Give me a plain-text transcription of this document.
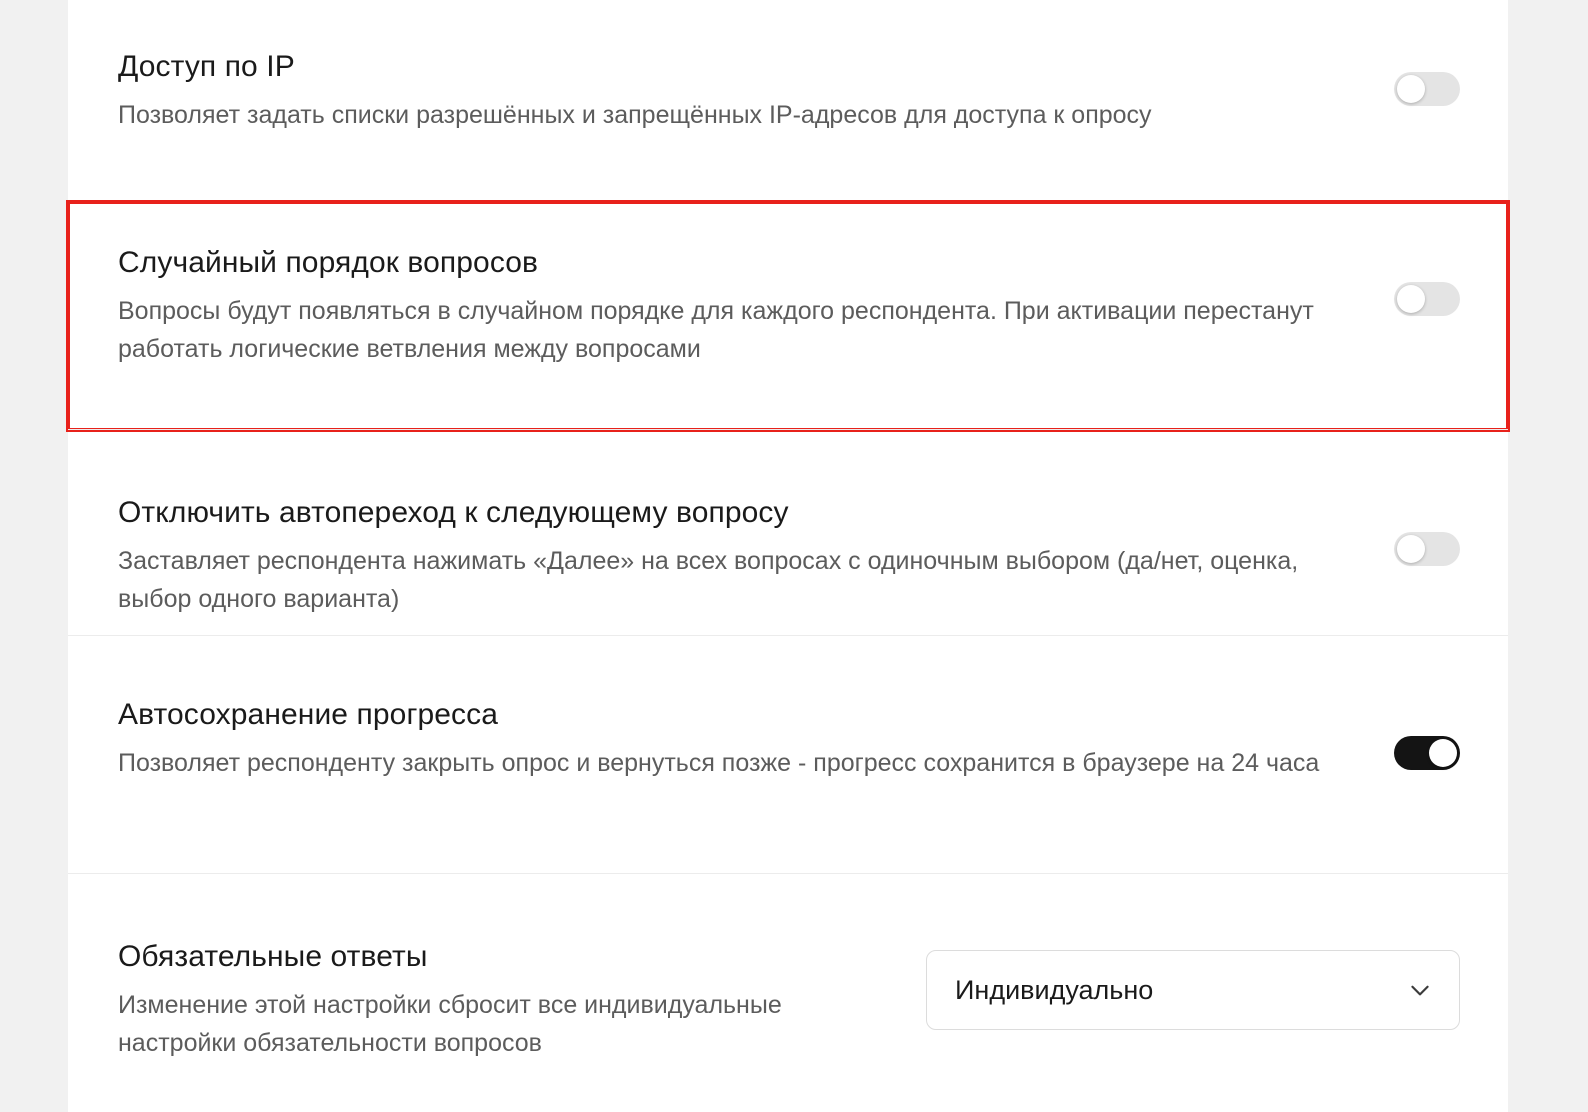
Доступ по IP
Позволяет задать списки разрешённых и запрещённых IP-адресов для доступа к опросу
Случайный порядок вопросов
Вопросы будут появляться в случайном порядке для каждого респондента. При активации перестанут работать логические ветвления между вопросами
Отключить автопереход к следующему вопросу
Заставляет респондента нажимать «Далее» на всех вопросах с одиночным выбором (да/нет, оценка, выбор одного варианта)
Автосохранение прогресса
Позволяет респонденту закрыть опрос и вернуться позже - прогресс сохранится в браузере на 24 часа
Обязательные ответы
Изменение этой настройки сбросит все индивидуальные настройки обязательности вопросов
Индивидуально
